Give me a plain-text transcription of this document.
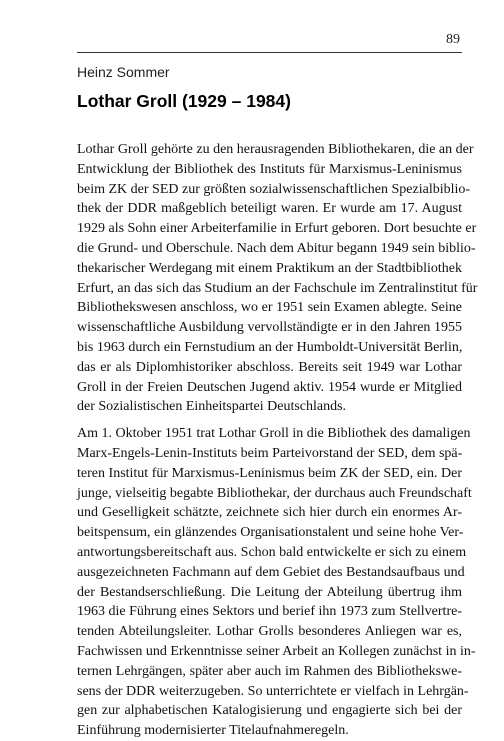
89
Heinz Sommer
Lothar Groll (1929 – 1984)

Lothar Groll gehörte zu den herausragenden Bibliothekaren, die an der
Entwicklung der Bibliothek des Instituts für Marxismus-Leninismus
beim ZK der SED zur größten sozialwissenschaftlichen Spezialbiblio-
thek der DDR maßgeblich beteiligt waren. Er wurde am 17. August
1929 als Sohn einer Arbeiterfamilie in Erfurt geboren. Dort besuchte er
die Grund- und Oberschule. Nach dem Abitur begann 1949 sein biblio-
thekarischer Werdegang mit einem Praktikum an der Stadtbibliothek
Erfurt, an das sich das Studium an der Fachschule im Zentralinstitut für
Bibliothekswesen anschloss, wo er 1951 sein Examen ablegte. Seine
wissenschaftliche Ausbildung vervollständigte er in den Jahren 1955
bis 1963 durch ein Fernstudium an der Humboldt-Universität Berlin,
das er als Diplomhistoriker abschloss. Bereits seit 1949 war Lothar
Groll in der Freien Deutschen Jugend aktiv. 1954 wurde er Mitglied
der Sozialistischen Einheitspartei Deutschlands.

Am 1. Oktober 1951 trat Lothar Groll in die Bibliothek des damaligen
Marx-Engels-Lenin-Instituts beim Parteivorstand der SED, dem spä-
teren Institut für Marxismus-Leninismus beim ZK der SED, ein. Der
junge, vielseitig begabte Bibliothekar, der durchaus auch Freundschaft
und Geselligkeit schätzte, zeichnete sich hier durch ein enormes Ar-
beitspensum, ein glänzendes Organisationstalent und seine hohe Ver-
antwortungsbereitschaft aus. Schon bald entwickelte er sich zu einem
ausgezeichneten Fachmann auf dem Gebiet des Bestandsaufbaus und
der Bestandserschließung. Die Leitung der Abteilung übertrug ihm
1963 die Führung eines Sektors und berief ihn 1973 zum Stellvertre-
tenden Abteilungsleiter. Lothar Grolls besonderes Anliegen war es,
Fachwissen und Erkenntnisse seiner Arbeit an Kollegen zunächst in in-
ternen Lehrgängen, später aber auch im Rahmen des Bibliothekswe-
sens der DDR weiterzugeben. So unterrichtete er vielfach in Lehrgän-
gen zur alphabetischen Katalogisierung und engagierte sich bei der
Einführung modernisierter Titelaufnahmeregeln.
